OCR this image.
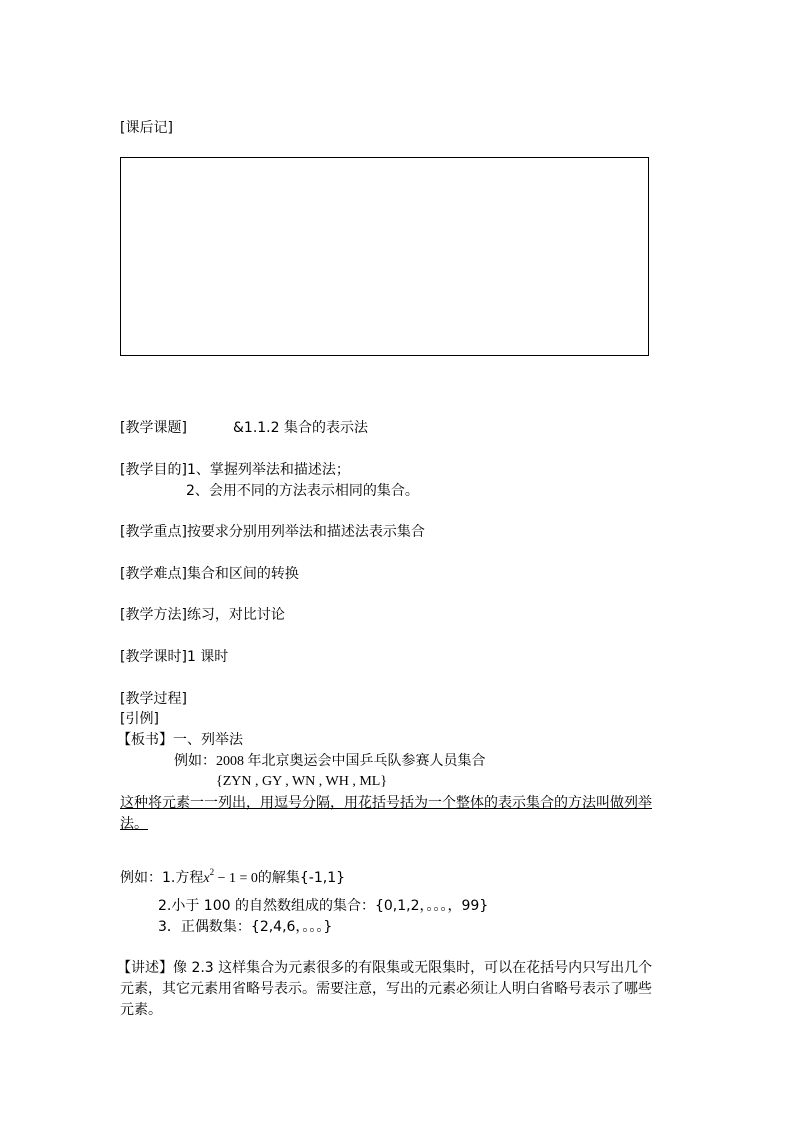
[课后记]
[教学课题]	&1.1.2 集合的表示法
[教学目的]1、掌握列举法和描述法；
2、会用不同的方法表示相同的集合。
[教学重点]按要求分别用列举法和描述法表示集合
[教学难点]集合和区间的转换
[教学方法]练习，对比讨论
[教学课时]1 课时
[教学过程]
[引例]
【板书】一、列举法
例如：2008 年北京奥运会中国乒乓队参赛人员集合
{ZYN , GY , WN , WH , ML}
这种将元素一一列出，用逗号分隔，用花括号括为一个整体的表示集合的方法叫做列举
法。
例如：1.方程$x^2 - 1 = 0$的解集{-1,1}
2.小于 100 的自然数组成的集合：{0,1,2，。。。，99}
3．正偶数集：{2,4,6，。。。}
【讲述】像 2.3 这样集合为元素很多的有限集或无限集时，可以在花括号内只写出几个
元素，其它元素用省略号表示。需要注意，写出的元素必须让人明白省略号表示了哪些
元素。
